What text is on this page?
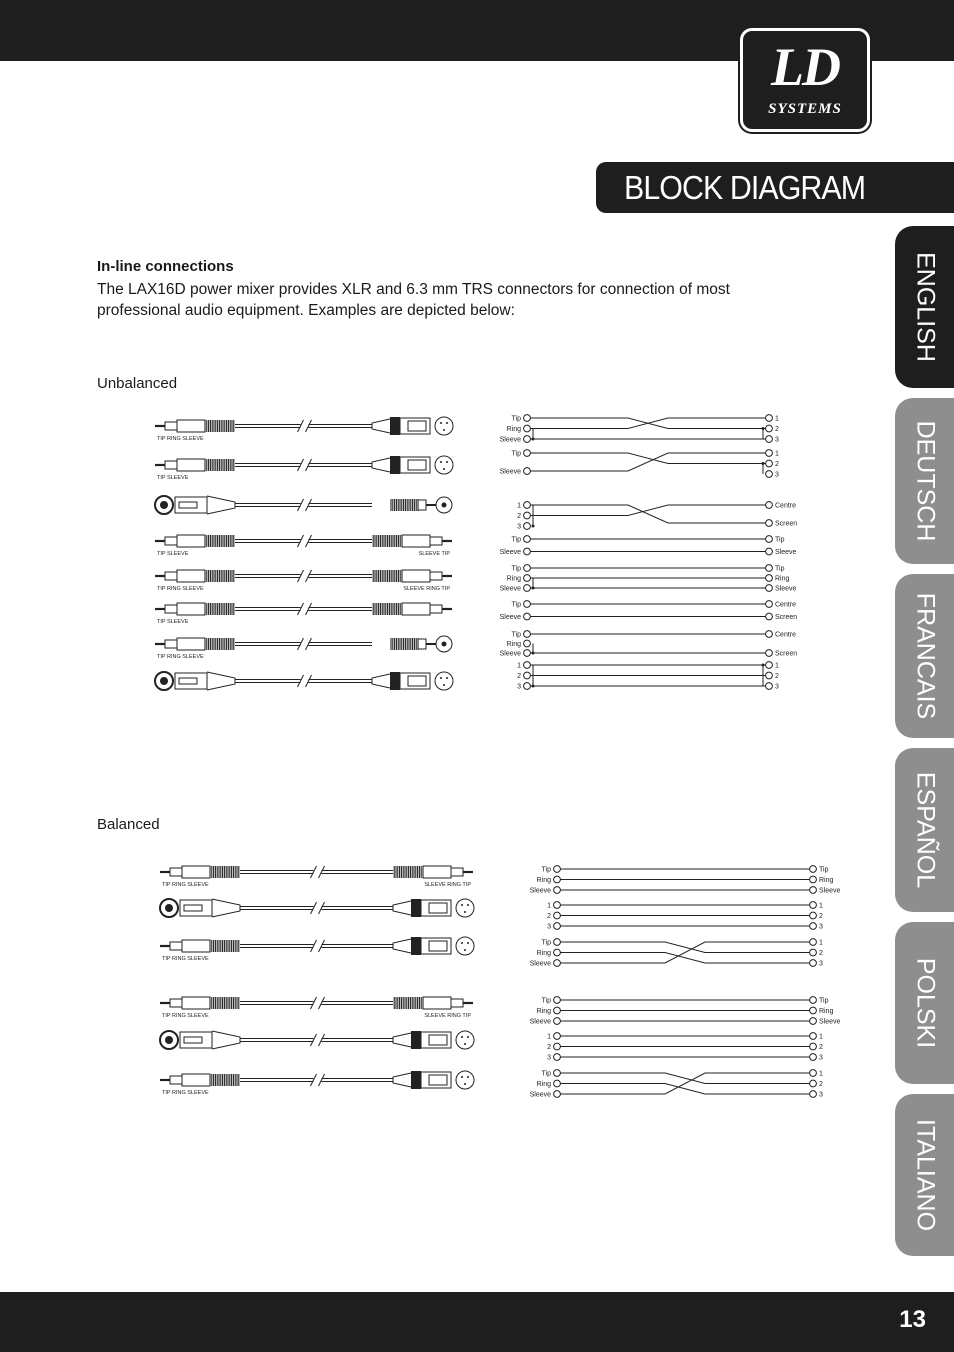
LD
SYSTEMS
BLOCK DIAGRAM
ENGLISH
DEUTSCH
FRANCAIS
ESPAÑOL
POLSKI
ITALIANO
In-line connections
The LAX16D power mixer provides XLR and 6.3 mm TRS connectors for connection of most professional audio equipment. Examples are depicted below:
Unbalanced
Balanced
TIP RING SLEEVE
TIP SLEEVE
TIP SLEEVE	SLEEVE TIP
TIP RING SLEEVE	SLEEVE RING TIP
TIP SLEEVE
TIP RING SLEEVE
Tip
Ring
Sleeve
1
2
3
Tip
Sleeve
1
2
3
1
2
3
Centre
Screen
Tip
Sleeve
Tip
Sleeve
Tip
Ring
Sleeve
Tip
Ring
Sleeve
Tip
Sleeve
Centre
Screen
Tip
Ring
Sleeve
Centre
Screen
1
2
3
1
2
3
TIP RING SLEEVE	SLEEVE RING TIP
TIP RING SLEEVE
TIP RING SLEEVE	SLEEVE RING TIP
TIP RING SLEEVE
Tip
Ring
Sleeve
Tip
Ring
Sleeve
1
2
3
1
2
3
Tip
Ring
Sleeve
1
2
3
Tip
Ring
Sleeve
Tip
Ring
Sleeve
1
2
3
1
2
3
Tip
Ring
Sleeve
1
2
3
13
